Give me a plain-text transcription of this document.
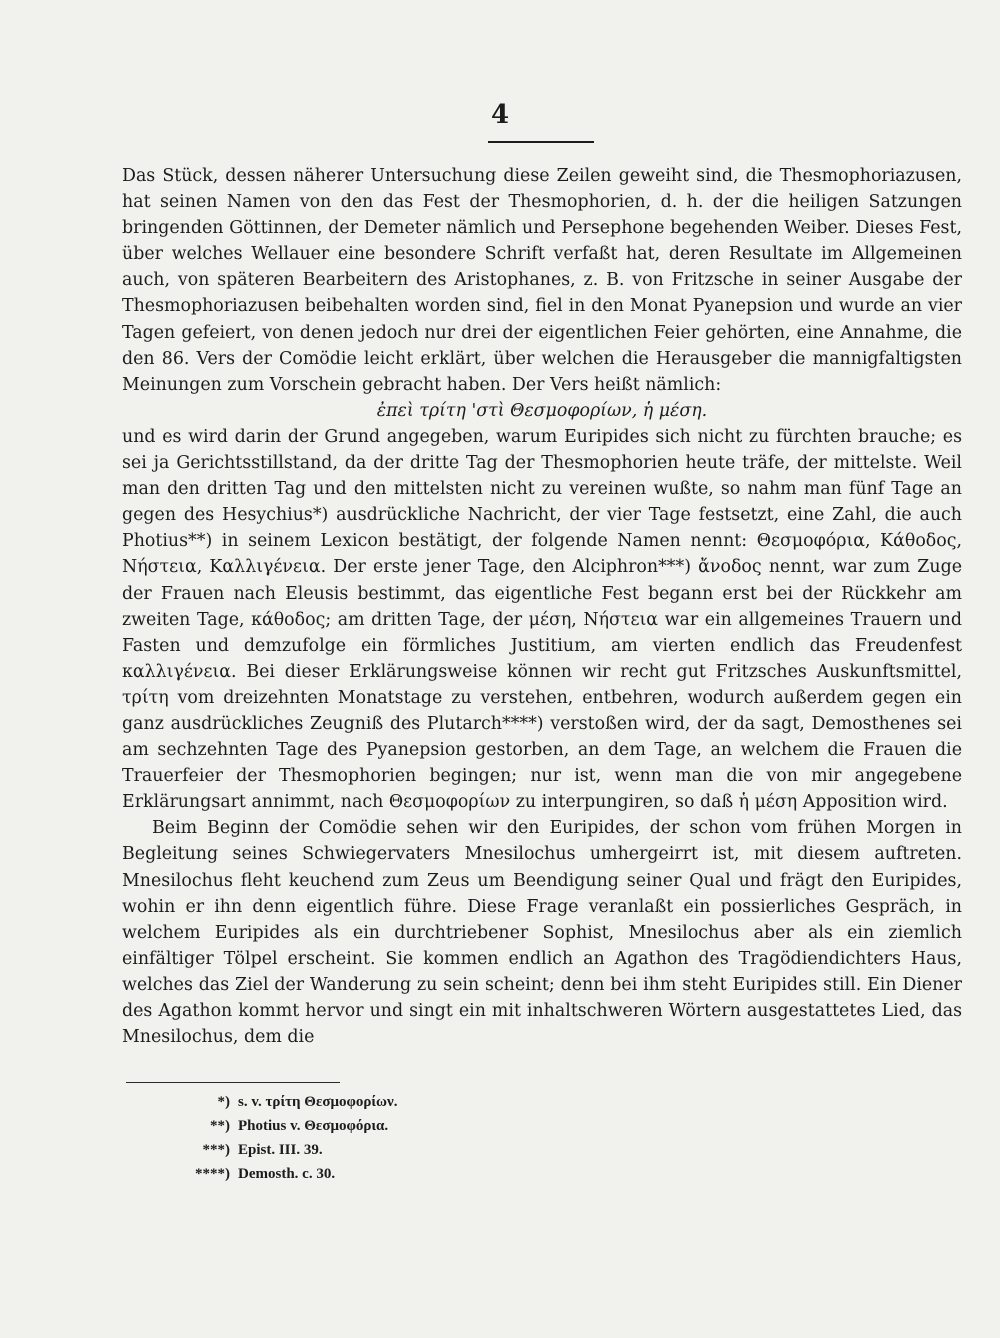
4

Das Stück, dessen näherer Untersuchung diese Zeilen geweiht sind, die Thesmophoriazusen, hat seinen Namen von den das Fest der Thesmophorien, d. h. der die heiligen Satzungen bringenden Göttinnen, der Demeter nämlich und Persephone begehenden Weiber. Dieses Fest, über welches Wellauer eine besondere Schrift verfaßt hat, deren Resultate im Allgemeinen auch, von späteren Bearbeitern des Aristophanes, z. B. von Fritzsche in seiner Ausgabe der Thesmophoriazusen beibehalten worden sind, fiel in den Monat Pyanepsion und wurde an vier Tagen gefeiert, von denen jedoch nur drei der eigentlichen Feier gehörten, eine Annahme, die den 86. Vers der Comödie leicht erklärt, über welchen die Herausgeber die mannigfaltigsten Meinungen zum Vorschein gebracht haben. Der Vers heißt nämlich:

ἐπεὶ τρίτη 'στὶ Θεσμοφορίων, ἡ μέση.

und es wird darin der Grund angegeben, warum Euripides sich nicht zu fürchten brauche; es sei ja Gerichtsstillstand, da der dritte Tag der Thesmophorien heute träfe, der mittelste. Weil man den dritten Tag und den mittelsten nicht zu vereinen wußte, so nahm man fünf Tage an gegen des Hesychius*) ausdrückliche Nachricht, der vier Tage festsetzt, eine Zahl, die auch Photius**) in seinem Lexicon bestätigt, der folgende Namen nennt: Θεσμοφόρια, Κάθοδος, Νήστεια, Καλλιγένεια. Der erste jener Tage, den Alciphron***) ἄνοδος nennt, war zum Zuge der Frauen nach Eleusis bestimmt, das eigentliche Fest begann erst bei der Rückkehr am zweiten Tage, κάθοδος; am dritten Tage, der μέση, Νήστεια war ein allgemeines Trauern und Fasten und demzufolge ein förmliches Justitium, am vierten endlich das Freudenfest καλλιγένεια. Bei dieser Erklärungsweise können wir recht gut Fritzsches Auskunftsmittel, τρίτη vom dreizehnten Monatstage zu verstehen, entbehren, wodurch außerdem gegen ein ganz ausdrückliches Zeugniß des Plutarch****) verstoßen wird, der da sagt, Demosthenes sei am sechzehnten Tage des Pyanepsion gestorben, an dem Tage, an welchem die Frauen die Trauerfeier der Thesmophorien begingen; nur ist, wenn man die von mir angegebene Erklärungsart annimmt, nach Θεσμοφορίων zu interpungiren, so daß ἡ μέση Apposition wird.

Beim Beginn der Comödie sehen wir den Euripides, der schon vom frühen Morgen in Begleitung seines Schwiegervaters Mnesilochus umhergeirrt ist, mit diesem auftreten. Mnesilochus fleht keuchend zum Zeus um Beendigung seiner Qual und frägt den Euripides, wohin er ihn denn eigentlich führe. Diese Frage veranlaßt ein possierliches Gespräch, in welchem Euripides als ein durchtriebener Sophist, Mnesilochus aber als ein ziemlich einfältiger Tölpel erscheint. Sie kommen endlich an Agathon des Tragödiendichters Haus, welches das Ziel der Wanderung zu sein scheint; denn bei ihm steht Euripides still. Ein Diener des Agathon kommt hervor und singt ein mit inhaltschweren Wörtern ausgestattetes Lied, das Mnesilochus, dem die

*) s. v. τρίτη Θεσμοφορίων.
**) Photius v. Θεσμοφόρια.
***) Epist. III. 39.
****) Demosth. c. 30.
